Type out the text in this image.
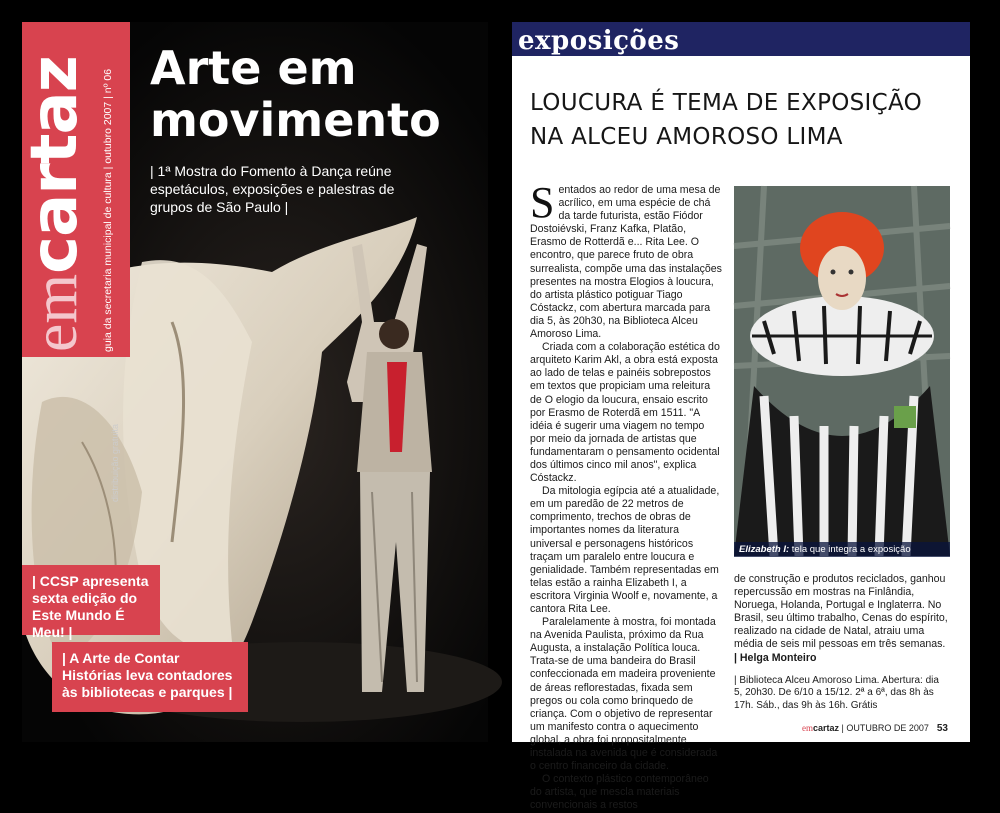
em
cartaz guia da secretaria municipal de cultura | outubro 2007 | nº 06
distribuição gratuita
Arte em movimento
| 1ª Mostra do Fomento à Dança reúne espetáculos, exposições e palestras de grupos de São Paulo |
| CCSP apresenta sexta edição do Este Mundo É Meu! |
| A Arte de Contar Histórias leva contadores às bibliotecas e parques |
exposições
LOUCURA É TEMA DE EXPOSIÇÃO NA ALCEU AMOROSO LIMA

Sentados ao redor de uma mesa de acrílico, em uma espécie de chá da tarde futurista, estão Fiódor Dostoiévski, Franz Kafka, Platão, Erasmo de Rotterdã e... Rita Lee. O encontro, que parece fruto de obra surrealista, compõe uma das instalações presentes na mostra Elogios à loucura, do artista plástico potiguar Tiago Cóstackz, com abertura marcada para dia 5, às 20h30, na Biblioteca Alceu Amoroso Lima.

Criada com a colaboração estética do arquiteto Karim Akl, a obra está exposta ao lado de telas e painéis sobrepostos em textos que propiciam uma releitura de O elogio da loucura, ensaio escrito por Erasmo de Roterdã em 1511. "A idéia é sugerir uma viagem no tempo por meio da jornada de artistas que fundamentaram o pensamento ocidental dos últimos cinco mil anos", explica Cóstackz.

Da mitologia egípcia até a atualidade, em um paredão de 22 metros de comprimento, trechos de obras de importantes nomes da literatura universal e personagens históricos traçam um paralelo entre loucura e genialidade. Também representadas em telas estão a rainha Elizabeth I, a escritora Virginia Woolf e, novamente, a cantora Rita Lee.

Paralelamente à mostra, foi montada na Avenida Paulista, próximo da Rua Augusta, a instalação Política louca. Trata-se de uma bandeira do Brasil confeccionada em madeira proveniente de áreas reflorestadas, fixada sem pregos ou cola como brinquedo de criança. Com o objetivo de representar um manifesto contra o aquecimento global, a obra foi propositalmente instalada na avenida que é considerada o centro financeiro da cidade.

O contexto plástico contemporâneo do artista, que mescla materiais convencionais a restos

Elizabeth I: tela que integra a exposição

de construção e produtos reciclados, ganhou repercussão em mostras na Finlândia, Noruega, Holanda, Portugal e Inglaterra. No Brasil, seu último trabalho, Cenas do espírito, realizado na cidade de Natal, atraiu uma média de seis mil pessoas em três semanas. | Helga Monteiro

| Biblioteca Alceu Amoroso Lima. Abertura: dia 5, 20h30. De 6/10 a 15/12. 2ª a 6ª, das 8h às 17h. Sáb., das 9h às 16h. Grátis

emcartaz | OUTUBRO DE 2007 53
